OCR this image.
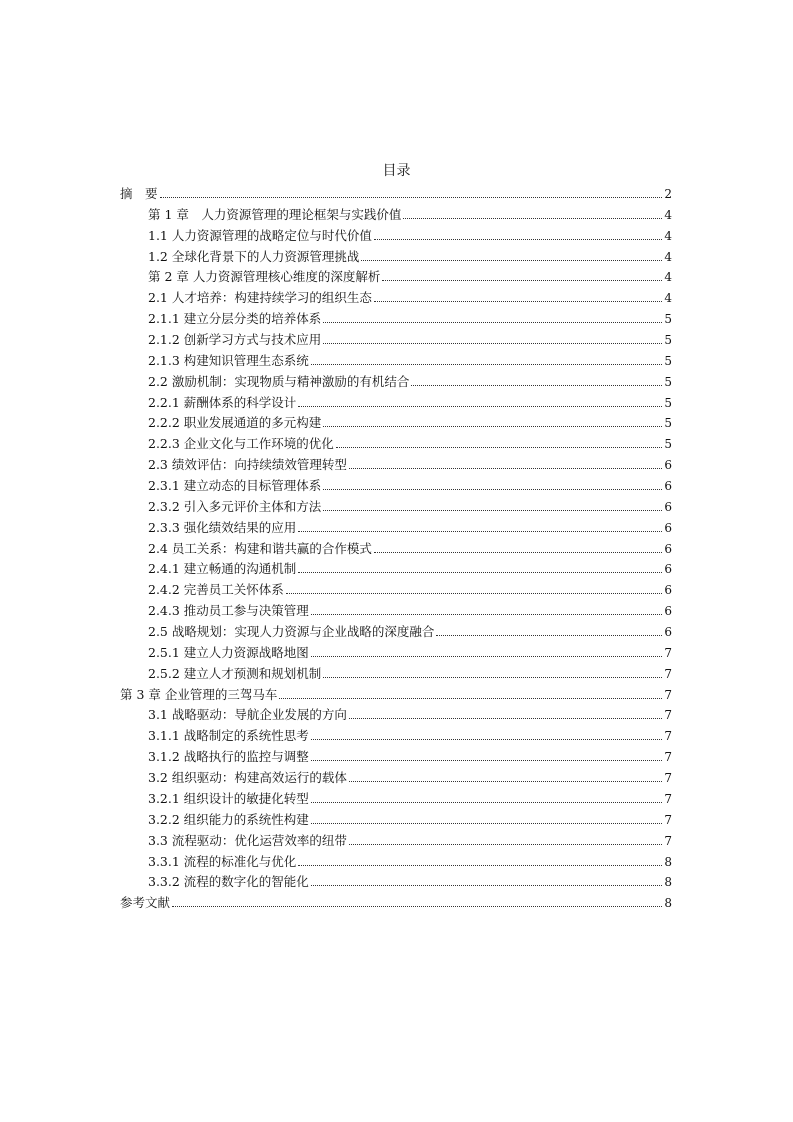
目录
摘　要	2
第 1 章　人力资源管理的理论框架与实践价值	4
1.1 人力资源管理的战略定位与时代价值	4
1.2 全球化背景下的人力资源管理挑战	4
第 2 章 人力资源管理核心维度的深度解析	4
2.1 人才培养：构建持续学习的组织生态	4
2.1.1 建立分层分类的培养体系	5
2.1.2 创新学习方式与技术应用	5
2.1.3 构建知识管理生态系统	5
2.2 激励机制：实现物质与精神激励的有机结合	5
2.2.1 薪酬体系的科学设计	5
2.2.2 职业发展通道的多元构建	5
2.2.3 企业文化与工作环境的优化	5
2.3 绩效评估：向持续绩效管理转型	6
2.3.1 建立动态的目标管理体系	6
2.3.2 引入多元评价主体和方法	6
2.3.3 强化绩效结果的应用	6
2.4 员工关系：构建和谐共赢的合作模式	6
2.4.1 建立畅通的沟通机制	6
2.4.2 完善员工关怀体系	6
2.4.3 推动员工参与决策管理	6
2.5 战略规划：实现人力资源与企业战略的深度融合	6
2.5.1 建立人力资源战略地图	7
2.5.2 建立人才预测和规划机制	7
第 3 章 企业管理的三驾马车	7
3.1 战略驱动：导航企业发展的方向	7
3.1.1 战略制定的系统性思考	7
3.1.2 战略执行的监控与调整	7
3.2 组织驱动：构建高效运行的载体	7
3.2.1 组织设计的敏捷化转型	7
3.2.2 组织能力的系统性构建	7
3.3 流程驱动：优化运营效率的纽带	7
3.3.1 流程的标准化与优化	8
3.3.2 流程的数字化的智能化	8
参考文献	8
